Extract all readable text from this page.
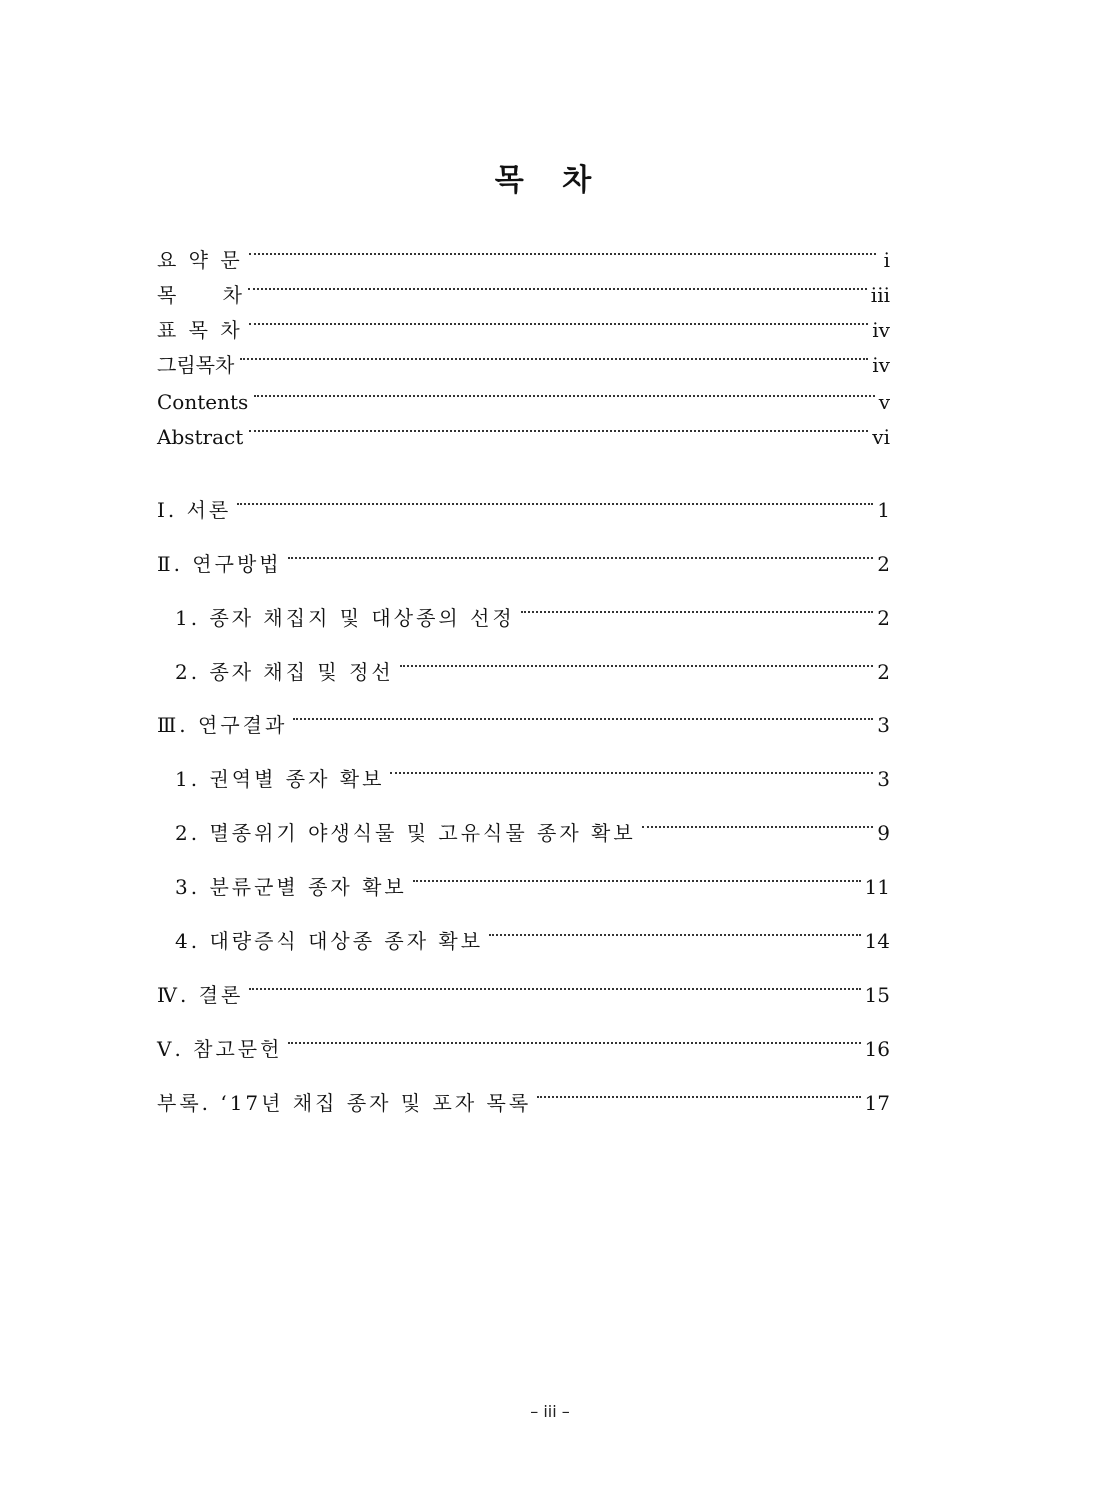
목 차
요 약 문	i
목 차	iii
표 목 차	ⅳ
그림목차	ⅳ
Contents	v
Abstract	vi
Ⅰ. 서론	1
Ⅱ. 연구방법	2
1. 종자 채집지 및 대상종의 선정	2
2. 종자 채집 및 정선	2
Ⅲ. 연구결과	3
1. 권역별 종자 확보	3
2. 멸종위기 야생식물 및 고유식물 종자 확보	9
3. 분류군별 종자 확보	11
4. 대량증식 대상종 종자 확보	14
Ⅳ. 결론	15
Ⅴ. 참고문헌	16
부록. ‘17년 채집 종자 및 포자 목록	17
– iii –
